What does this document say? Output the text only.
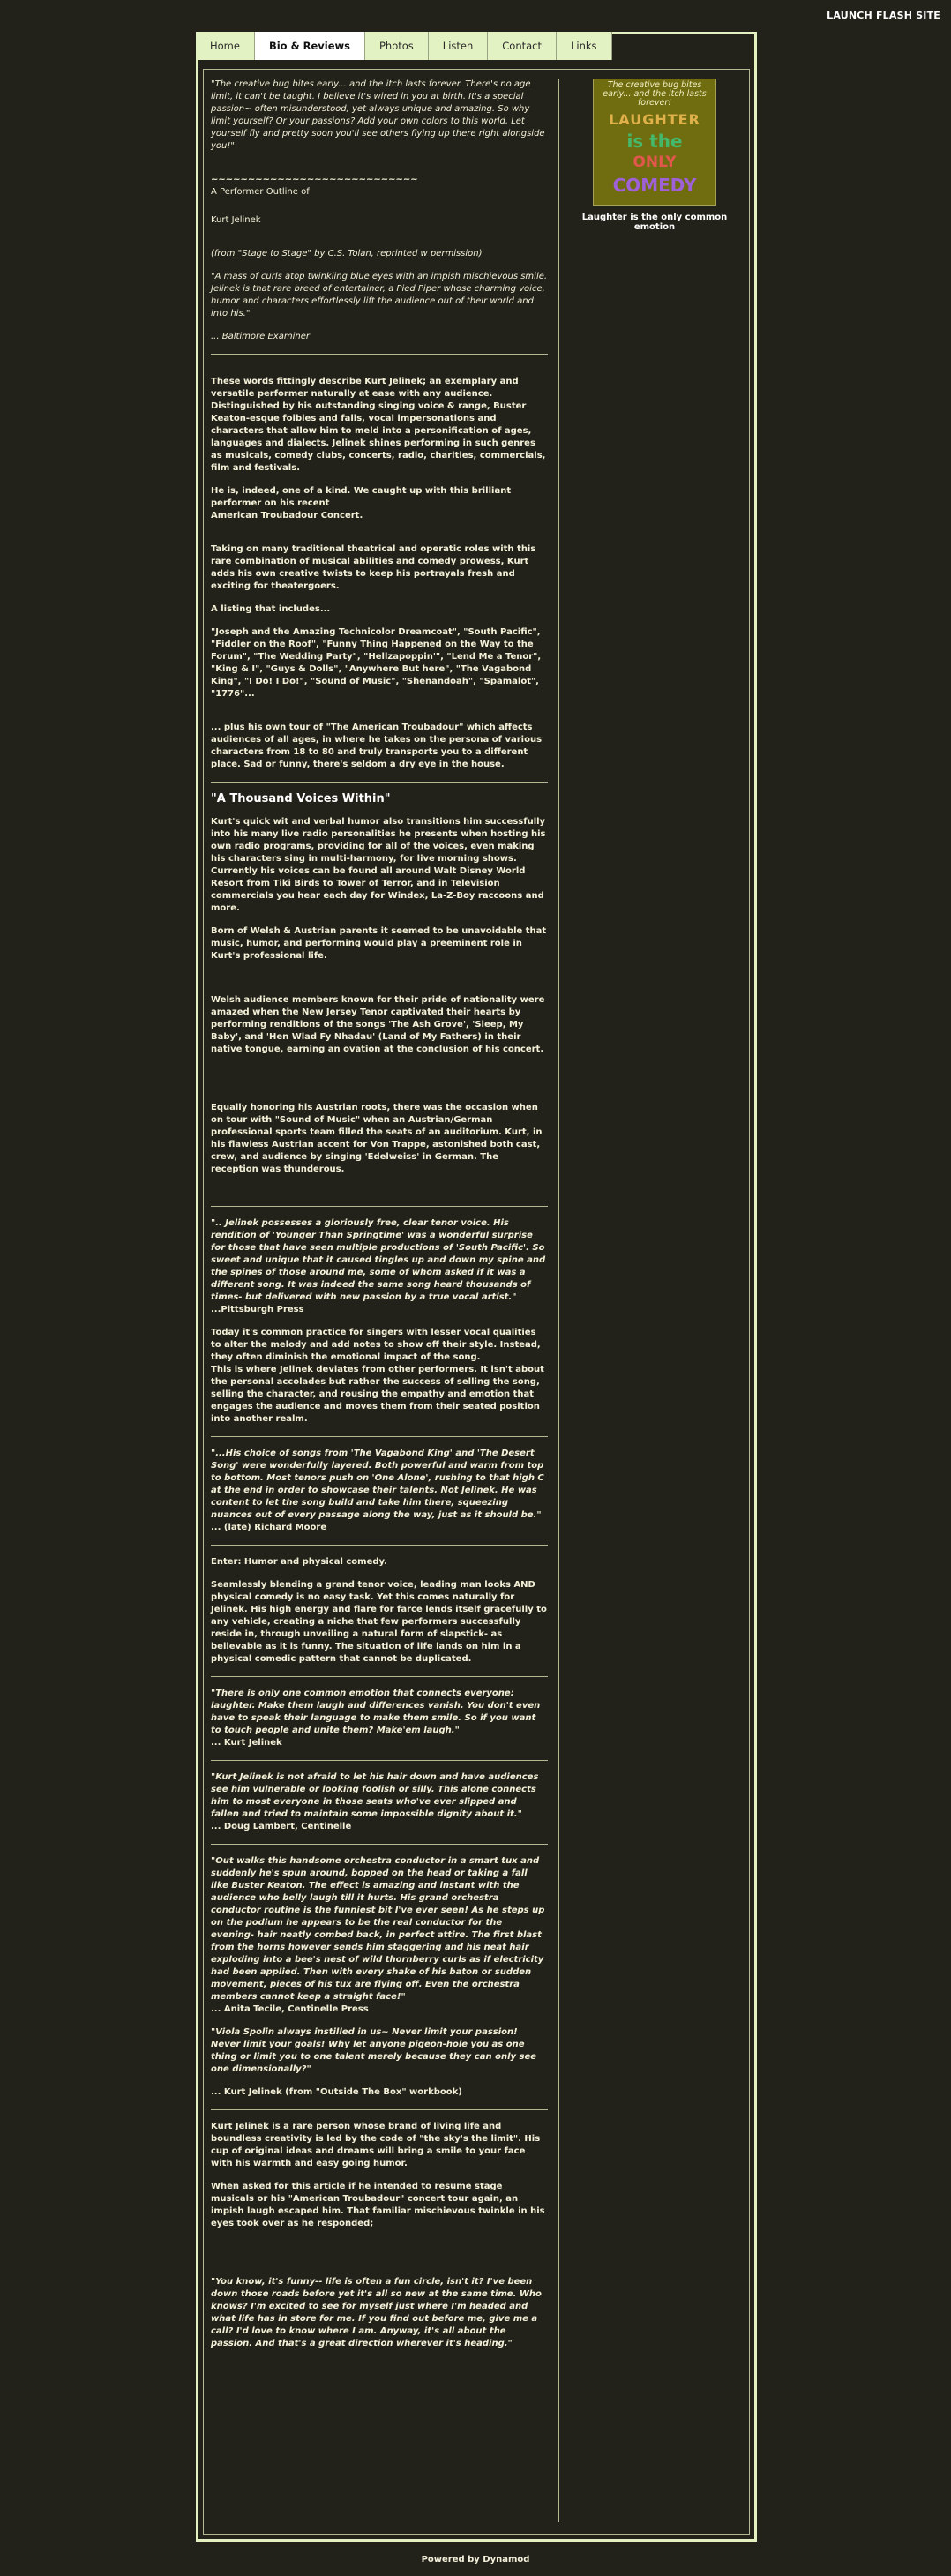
LAUNCH FLASH SITE
Home	Bio & Reviews	Photos	Listen	Contact	Links

"The creative bug bites early... and the itch lasts forever. There's no age limit, it can't be taught. I believe it's wired in you at birth. It's a special passion~ often misunderstood, yet always unique and amazing. So why limit yourself? Or your passions? Add your own colors to this world. Let yourself fly and pretty soon you'll see others flying up there right alongside you!"

~~~~~~~~~~~~~~~~~~~~~~~~~~~~

A Performer Outline of

Kurt Jelinek

(from "Stage to Stage" by C.S. Tolan, reprinted w permission)

"A mass of curls atop twinkling blue eyes with an impish mischievous smile. Jelinek is that rare breed of entertainer, a Pied Piper whose charming voice, humor and characters effortlessly lift the audience out of their world and into his."

... Baltimore Examiner

These words fittingly describe Kurt Jelinek; an exemplary and versatile performer naturally at ease with any audience. Distinguished by his outstanding singing voice & range, Buster Keaton-esque foibles and falls, vocal impersonations and characters that allow him to meld into a personification of ages, languages and dialects. Jelinek shines performing in such genres as musicals, comedy clubs, concerts, radio, charities, commercials, film and festivals.

He is, indeed, one of a kind. We caught up with this brilliant performer on his recent

American Troubadour Concert.

Taking on many traditional theatrical and operatic roles with this rare combination of musical abilities and comedy prowess, Kurt adds his own creative twists to keep his portrayals fresh and exciting for theatergoers.

A listing that includes...

"Joseph and the Amazing Technicolor Dreamcoat", "South Pacific", "Fiddler on the Roof", "Funny Thing Happened on the Way to the Forum", "The Wedding Party", "Hellzapoppin'", "Lend Me a Tenor", "King & I", "Guys & Dolls", "Anywhere But here", "The Vagabond King", "I Do! I Do!", "Sound of Music", "Shenandoah", "Spamalot", "1776"...

... plus his own tour of "The American Troubadour" which affects audiences of all ages, in where he takes on the persona of various characters from 18 to 80 and truly transports you to a different place. Sad or funny, there's seldom a dry eye in the house.

"A Thousand Voices Within"

Kurt's quick wit and verbal humor also transitions him successfully into his many live radio personalities he presents when hosting his own radio programs, providing for all of the voices, even making his characters sing in multi-harmony, for live morning shows. Currently his voices can be found all around Walt Disney World Resort from Tiki Birds to Tower of Terror, and in Television commercials you hear each day for Windex, La-Z-Boy raccoons and more.

Born of Welsh & Austrian parents it seemed to be unavoidable that music, humor, and performing would play a preeminent role in Kurt's professional life.

Welsh audience members known for their pride of nationality were amazed when the New Jersey Tenor captivated their hearts by performing renditions of the songs 'The Ash Grove', 'Sleep, My Baby', and 'Hen Wlad Fy Nhadau' (Land of My Fathers) in their native tongue, earning an ovation at the conclusion of his concert.

Equally honoring his Austrian roots, there was the occasion when on tour with "Sound of Music" when an Austrian/German professional sports team filled the seats of an auditorium. Kurt, in his flawless Austrian accent for Von Trappe, astonished both cast, crew, and audience by singing 'Edelweiss' in German. The reception was thunderous.

".. Jelinek possesses a gloriously free, clear tenor voice. His rendition of 'Younger Than Springtime' was a wonderful surprise for those that have seen multiple productions of 'South Pacific'. So sweet and unique that it caused tingles up and down my spine and the spines of those around me, some of whom asked if it was a different song. It was indeed the same song heard thousands of times- but delivered with new passion by a true vocal artist."

...Pittsburgh Press

Today it's common practice for singers with lesser vocal qualities to alter the melody and add notes to show off their style. Instead, they often diminish the emotional impact of the song.

This is where Jelinek deviates from other performers. It isn't about the personal accolades but rather the success of selling the song, selling the character, and rousing the empathy and emotion that engages the audience and moves them from their seated position into another realm.

"...His choice of songs from 'The Vagabond King' and 'The Desert Song' were wonderfully layered. Both powerful and warm from top to bottom. Most tenors push on 'One Alone', rushing to that high C at the end in order to showcase their talents. Not Jelinek. He was content to let the song build and take him there, squeezing nuances out of every passage along the way, just as it should be."

... (late) Richard Moore

Enter: Humor and physical comedy.

Seamlessly blending a grand tenor voice, leading man looks AND physical comedy is no easy task. Yet this comes naturally for Jelinek. His high energy and flare for farce lends itself gracefully to any vehicle, creating a niche that few performers successfully reside in, through unveiling a natural form of slapstick- as believable as it is funny. The situation of life lands on him in a physical comedic pattern that cannot be duplicated.

"There is only one common emotion that connects everyone: laughter. Make them laugh and differences vanish. You don't even have to speak their language to make them smile. So if you want to touch people and unite them? Make'em laugh."

... Kurt Jelinek

"Kurt Jelinek is not afraid to let his hair down and have audiences see him vulnerable or looking foolish or silly. This alone connects him to most everyone in those seats who've ever slipped and fallen and tried to maintain some impossible dignity about it."

... Doug Lambert, Centinelle

"Out walks this handsome orchestra conductor in a smart tux and suddenly he's spun around, bopped on the head or taking a fall like Buster Keaton. The effect is amazing and instant with the audience who belly laugh till it hurts. His grand orchestra conductor routine is the funniest bit I've ever seen! As he steps up on the podium he appears to be the real conductor for the evening- hair neatly combed back, in perfect attire. The first blast from the horns however sends him staggering and his neat hair exploding into a bee's nest of wild thornberry curls as if electricity had been applied. Then with every shake of his baton or sudden movement, pieces of his tux are flying off. Even the orchestra members cannot keep a straight face!"

... Anita Tecile, Centinelle Press

"Viola Spolin always instilled in us~ Never limit your passion! Never limit your goals! Why let anyone pigeon-hole you as one thing or limit you to one talent merely because they can only see one dimensionally?"

... Kurt Jelinek (from "Outside The Box" workbook)

Kurt Jelinek is a rare person whose brand of living life and boundless creativity is led by the code of "the sky's the limit". His cup of original ideas and dreams will bring a smile to your face with his warmth and easy going humor.

When asked for this article if he intended to resume stage musicals or his "American Troubadour" concert tour again, an impish laugh escaped him. That familiar mischievous twinkle in his eyes took over as he responded;

"You know, it's funny-- life is often a fun circle, isn't it? I've been down those roads before yet it's all so new at the same time. Who knows? I'm excited to see for myself just where I'm headed and what life has in store for me. If you find out before me, give me a call? I'd love to know where I am. Anyway, it's all about the passion. And that's a great direction wherever it's heading."

The creative bug bites early... and the itch lasts forever!
LAUGHTER
is the
ONLY
COMEDY
Laughter is the only common emotion
Powered by Dynamod
